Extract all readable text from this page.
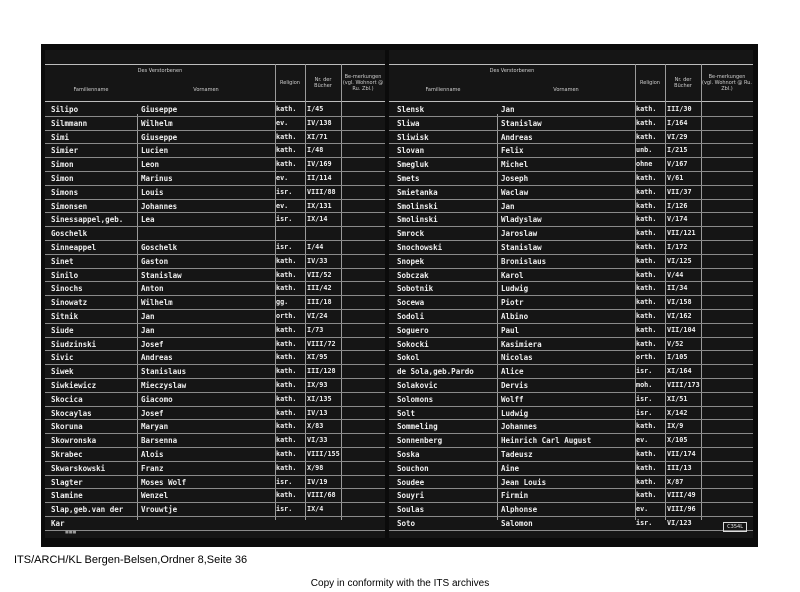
Des Verstorbenen
Familienname	Vornamen
Religion	Nr. der Bücher
Be-merkungen
(vgl. Wohnort @ Ru. Zbl.)
Silipo	Giuseppe	kath.	I/45
Silmmann	Wilhelm	ev.	IV/138
Simi	Giuseppe	kath.	XI/71
Simier	Lucien	kath.	I/48
Simon	Leon	kath.	IV/169
Simon	Marinus	ev.	II/114
Simons	Louis	isr.	VIII/88
Simonsen	Johannes	ev.	IX/131
Sinessappel,geb.	Lea	isr.	IX/14
Goschelk
Sinneappel	Goschelk	isr.	I/44
Sinet	Gaston	kath.	IV/33
Sinilo	Stanislaw	kath.	VII/52
Sinochs	Anton	kath.	III/42
Sinowatz	Wilhelm	gg.	III/18
Sitnik	Jan	orth.	VI/24
Siude	Jan	kath.	I/73
Siudzinski	Josef	kath.	VIII/72
Sivic	Andreas	kath.	XI/95
Siwek	Stanislaus	kath.	III/128
Siwkiewicz	Mieczyslaw	kath.	IX/93
Skocica	Giacomo	kath.	XI/135
Skocaylas	Josef	kath.	IV/13
Skoruna	Maryan	kath.	X/83
Skowronska	Barsenna	kath.	VI/33
Skrabec	Alois	kath.	VIII/155
Skwarskowski	Franz	kath.	X/98
Slagter	Moses Wolf	isr.	IV/19
Slamine	Wenzel	kath.	VIII/68
Slap,geb.van der	Vrouwtje	isr.	IX/4
Kar
■■■
Des Verstorbenen
Familienname	Vornamen
Religion	Nr. der Bücher
Be-merkungen
(vgl. Wohnort @ Ru. Zbl.)
Slensk	Jan	kath.	III/30
Sliwa	Stanislaw	kath.	I/164
Sliwisk	Andreas	kath.	VI/29
Slovan	Felix	unb.	I/215
Smegluk	Michel	ohne	V/167
Smets	Joseph	kath.	V/61
Smietanka	Waclaw	kath.	VII/37
Smolinski	Jan	kath.	I/126
Smolinski	Wladyslaw	kath.	V/174
Smrock	Jaroslaw	kath.	VII/121
Snochowski	Stanislaw	kath.	I/172
Snopek	Bronislaus	kath.	VI/125
Sobczak	Karol	kath.	V/44
Sobotnik	Ludwig	kath.	II/34
Socewa	Piotr	kath.	VI/158
Sodoli	Albino	kath.	VI/162
Soguero	Paul	kath.	VII/104
Sokocki	Kasimiera	kath.	V/52
Sokol	Nicolas	orth.	I/105
de Sola,geb.Pardo	Alice	isr.	XI/164
Solakovic	Dervis	moh.	VIII/173
Solomons	Wolff	isr.	XI/51
Solt	Ludwig	isr.	X/142
Sommeling	Johannes	kath.	IX/9
Sonnenberg	Heinrich Carl August	ev.	X/105
Soska	Tadeusz	kath.	VII/174
Souchon	Aine	kath.	III/13
Soudee	Jean Louis	kath.	X/87
Souyri	Firmin	kath.	VIII/49
Soulas	Alphonse	ev.	VIII/96
Soto	Salomon	isr.	VI/123	C354L
ITS/ARCH/KL Bergen-Belsen,Ordner 8,Seite 36
Copy in conformity with the ITS archives
